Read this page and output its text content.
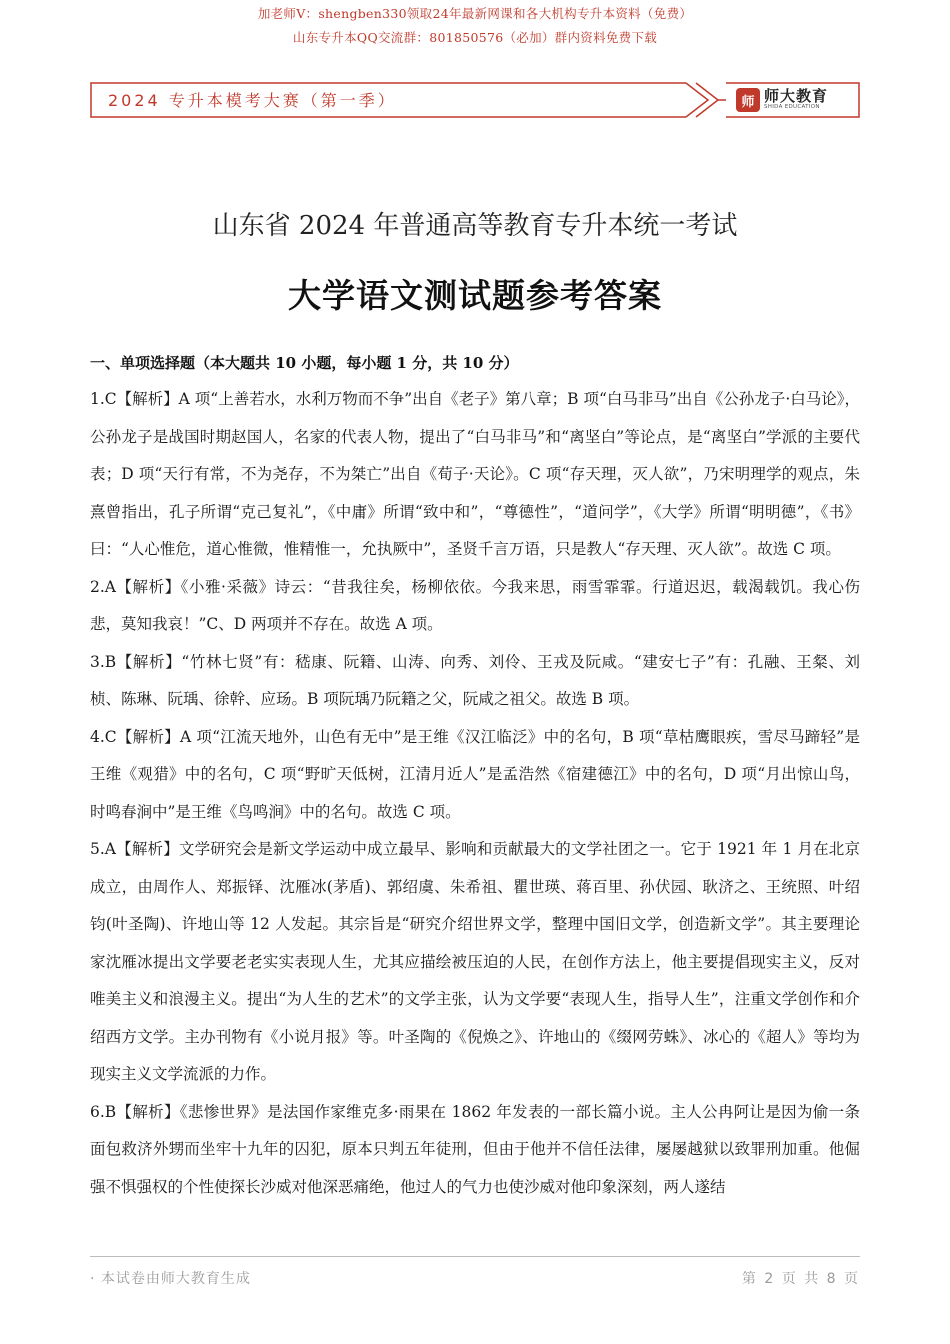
加老师V：shengben330领取24年最新网课和各大机构专升本资料（免费）
山东专升本QQ交流群：801850576（必加）群内资料免费下载
2024 专升本模考大赛（第一季）	师 师大教育
SHIDA EDUCATION
山东省 2024 年普通高等教育专升本统一考试
大学语文测试题参考答案
一、单项选择题（本大题共 10 小题，每小题 1 分，共 10 分）

1.C【解析】A 项“上善若水，水利万物而不争”出自《老子》第八章；B 项“白马非马”出自《公孙龙子·白马论》，公孙龙子是战国时期赵国人，名家的代表人物，提出了“白马非马”和“离坚白”等论点，是“离坚白”学派的主要代表；D 项“天行有常，不为尧存，不为桀亡”出自《荀子·天论》。C 项“存天理，灭人欲”，乃宋明理学的观点，朱熹曾指出，孔子所谓“克己复礼”，《中庸》所谓“致中和”，“尊德性”，“道问学”，《大学》所谓“明明德”，《书》曰：“人心惟危，道心惟微，惟精惟一，允执厥中”，圣贤千言万语，只是教人“存天理、灭人欲”。故选 C 项。

2.A【解析】《小雅·采薇》诗云：“昔我往矣，杨柳依依。今我来思，雨雪霏霏。行道迟迟，载渴载饥。我心伤悲，莫知我哀！”C、D 两项并不存在。故选 A 项。

3.B【解析】“竹林七贤”有：嵇康、阮籍、山涛、向秀、刘伶、王戎及阮咸。“建安七子”有：孔融、王粲、刘桢、陈琳、阮瑀、徐幹、应玚。B 项阮瑀乃阮籍之父，阮咸之祖父。故选 B 项。

4.C【解析】A 项“江流天地外，山色有无中”是王维《汉江临泛》中的名句，B 项“草枯鹰眼疾，雪尽马蹄轻”是王维《观猎》中的名句，C 项“野旷天低树，江清月近人”是孟浩然《宿建德江》中的名句，D 项“月出惊山鸟，时鸣春涧中”是王维《鸟鸣涧》中的名句。故选 C 项。

5.A【解析】文学研究会是新文学运动中成立最早、影响和贡献最大的文学社团之一。它于 1921 年 1 月在北京成立，由周作人、郑振铎、沈雁冰(茅盾)、郭绍虞、朱希祖、瞿世瑛、蒋百里、孙伏园、耿济之、王统照、叶绍钧(叶圣陶)、许地山等 12 人发起。其宗旨是“研究介绍世界文学，整理中国旧文学，创造新文学”。其主要理论家沈雁冰提出文学要老老实实表现人生，尤其应描绘被压迫的人民，在创作方法上，他主要提倡现实主义，反对唯美主义和浪漫主义。提出“为人生的艺术”的文学主张，认为文学要“表现人生，指导人生”，注重文学创作和介绍西方文学。主办刊物有《小说月报》等。叶圣陶的《倪焕之》、许地山的《缀网劳蛛》、冰心的《超人》等均为现实主义文学流派的力作。

6.B【解析】《悲惨世界》是法国作家维克多·雨果在 1862 年发表的一部长篇小说。主人公冉阿让是因为偷一条面包救济外甥而坐牢十九年的囚犯，原本只判五年徒刑，但由于他并不信任法律，屡屡越狱以致罪刑加重。他倔强不惧强权的个性使探长沙威对他深恶痛绝，他过人的气力也使沙威对他印象深刻，两人遂结

· 本试卷由师大教育生成	第 2 页 共 8 页
